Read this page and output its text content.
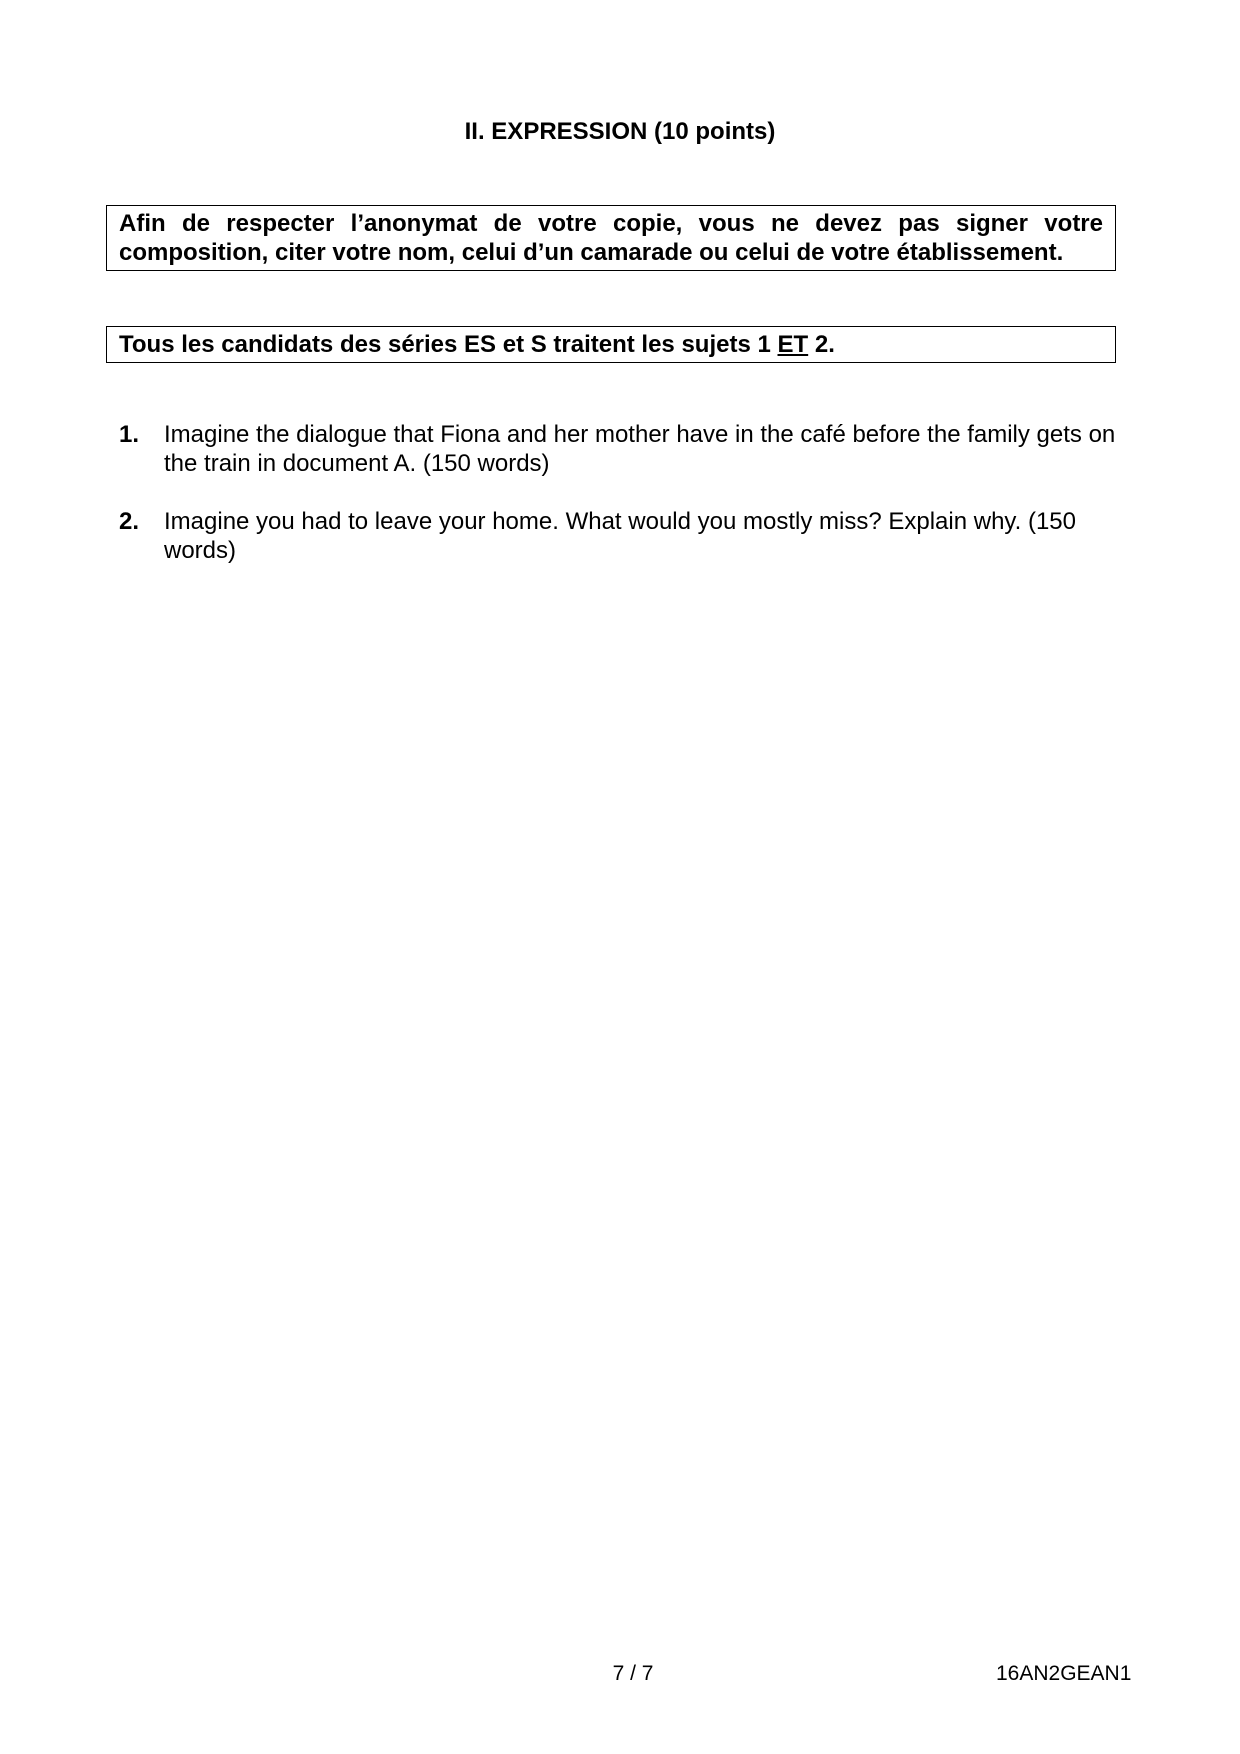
II. EXPRESSION (10 points)
Afin de respecter l’anonymat de votre copie, vous ne devez pas signer votre composition, citer votre nom, celui d’un camarade ou celui de votre établissement.
Tous les candidats des séries ES et S traitent les sujets 1 ET 2.
1. Imagine the dialogue that Fiona and her mother have in the café before the family gets on the train in document A. (150 words)
2. Imagine you had to leave your home. What would you mostly miss? Explain why. (150 words)
7 / 7	16AN2GEAN1
